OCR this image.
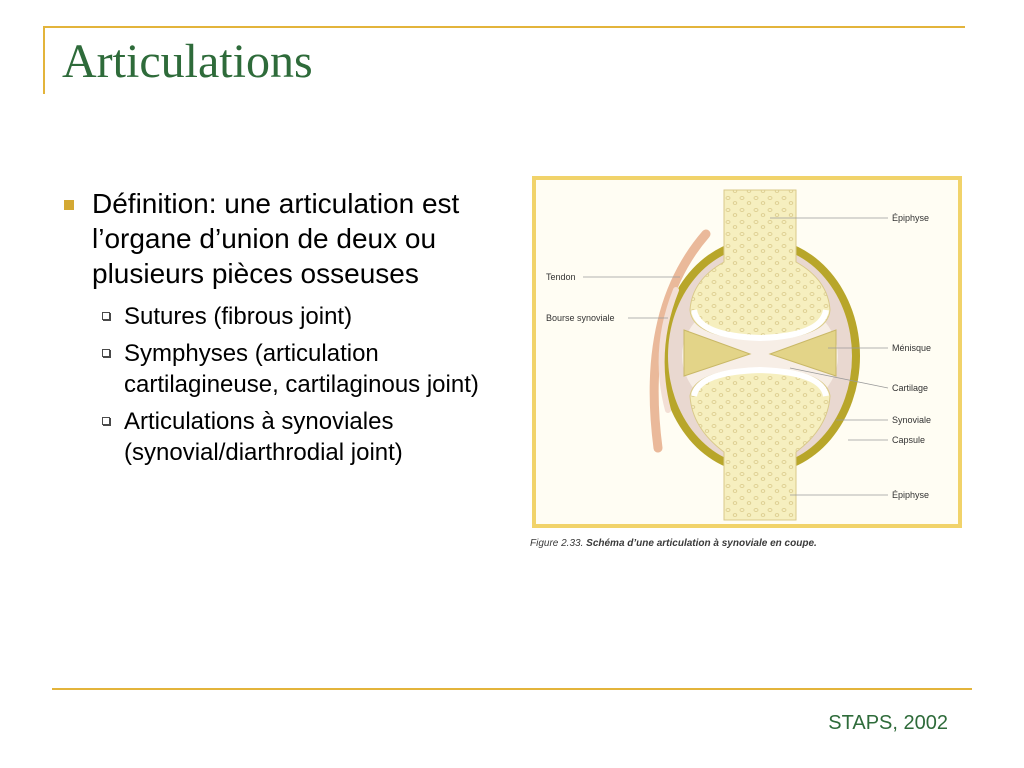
Articulations
Définition: une articulation est l’organe d’union de deux ou plusieurs pièces osseuses
Sutures (fibrous joint)
Symphyses (articulation cartilagineuse, cartilaginous joint)
Articulations à synoviales (synovial/diarthrodial joint)
Épiphyse
Tendon
Bourse synoviale
Ménisque
Cartilage
Synoviale
Capsule
Épiphyse
Figure 2.33. Schéma d’une articulation à synoviale en coupe.
STAPS, 2002
